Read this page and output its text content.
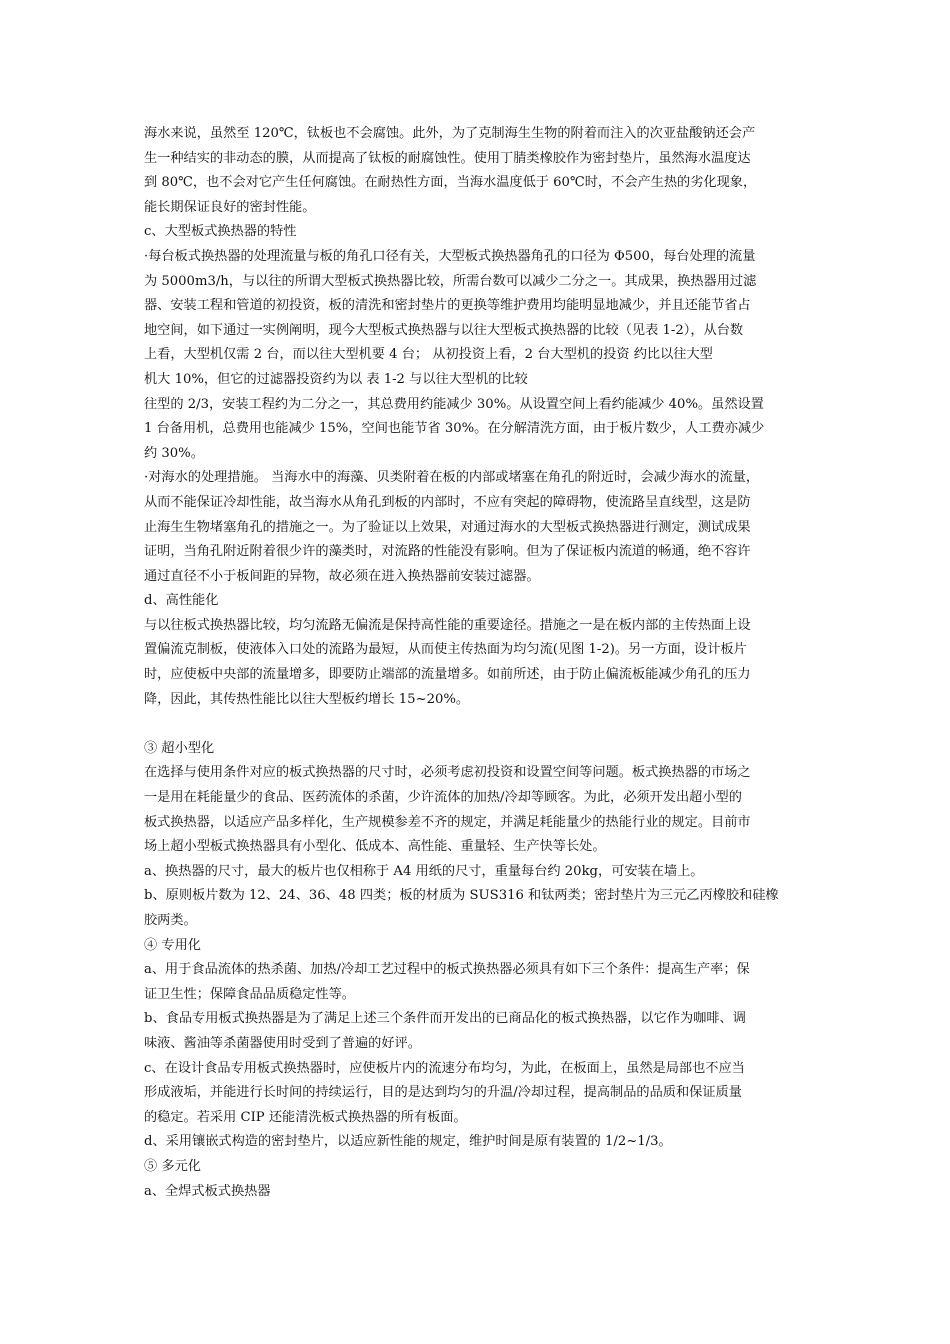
海水来说，虽然至 120℃，钛板也不会腐蚀。此外，为了克制海生生物的附着而注入的次亚盐酸钠还会产

生一种结实的非动态的膜，从而提高了钛板的耐腐蚀性。使用丁腈类橡胶作为密封垫片，虽然海水温度达

到 80℃，也不会对它产生任何腐蚀。在耐热性方面，当海水温度低于 60℃时，不会产生热的劣化现象，

能长期保证良好的密封性能。

c、大型板式换热器的特性

·每台板式换热器的处理流量与板的角孔口径有关，大型板式换热器角孔的口径为 Φ500，每台处理的流量

为 5000m3/h，与以往的所谓大型板式换热器比较，所需台数可以减少二分之一。其成果，换热器用过滤

器、安装工程和管道的初投资，板的清洗和密封垫片的更换等维护费用均能明显地减少，并且还能节省占

地空间，如下通过一实例阐明，现今大型板式换热器与以往大型板式换热器的比较（见表 1-2），从台数

上看，大型机仅需 2 台，而以往大型机要 4 台； 从初投资上看，2 台大型机的投资 约比以往大型

机大 10%，但它的过滤器投资约为以 表 1-2 与以往大型机的比较

往型的 2/3，安装工程约为二分之一，其总费用约能减少 30%。从设置空间上看约能减少 40%。虽然设置

1 台备用机，总费用也能减少 15%，空间也能节省 30%。在分解清洗方面，由于板片数少，人工费亦减少

约 30%。

·对海水的处理措施。 当海水中的海藻、贝类附着在板的内部或堵塞在角孔的附近时，会减少海水的流量，

从而不能保证冷却性能，故当海水从角孔到板的内部时，不应有突起的障碍物，使流路呈直线型，这是防

止海生生物堵塞角孔的措施之一。为了验证以上效果，对通过海水的大型板式换热器进行测定，测试成果

证明，当角孔附近附着很少许的藻类时，对流路的性能没有影响。但为了保证板内流道的畅通，绝不容许

通过直径不小于板间距的异物，故必须在进入换热器前安装过滤器。

d、高性能化

与以往板式换热器比较，均匀流路无偏流是保持高性能的重要途径。措施之一是在板内部的主传热面上设

置偏流克制板，使液体入口处的流路为最短，从而使主传热面为均匀流(见图 1-2)。另一方面，设计板片

时，应使板中央部的流量增多，即要防止端部的流量增多。如前所述，由于防止偏流板能减少角孔的压力

降，因此，其传热性能比以往大型板约增长 15~20%。

③ 超小型化

在选择与使用条件对应的板式换热器的尺寸时，必须考虑初投资和设置空间等问题。板式换热器的市场之

一是用在耗能量少的食品、医药流体的杀菌，少许流体的加热/冷却等顾客。为此，必须开发出超小型的

板式换热器，以适应产品多样化，生产规模参差不齐的规定，并满足耗能量少的热能行业的规定。目前市

场上超小型板式换热器具有小型化、低成本、高性能、重量轻、生产快等长处。

a、换热器的尺寸，最大的板片也仅相称于 A4 用纸的尺寸，重量每台约 20kg，可安装在墙上。

b、原则板片数为 12、24、36、48 四类；板的材质为 SUS316 和钛两类；密封垫片为三元乙丙橡胶和硅橡

胶两类。

④ 专用化

a、用于食品流体的热杀菌、加热/冷却工艺过程中的板式换热器必须具有如下三个条件：提高生产率；保

证卫生性；保障食品品质稳定性等。

b、食品专用板式换热器是为了满足上述三个条件而开发出的已商品化的板式换热器，以它作为咖啡、调

味液、酱油等杀菌器使用时受到了普遍的好评。

c、在设计食品专用板式换热器时，应使板片内的流速分布均匀，为此，在板面上，虽然是局部也不应当

形成液垢，并能进行长时间的持续运行，目的是达到均匀的升温/冷却过程，提高制品的品质和保证质量

的稳定。若采用 CIP 还能清洗板式换热器的所有板面。

d、采用镶嵌式构造的密封垫片，以适应新性能的规定，维护时间是原有装置的 1/2~1/3。

⑤ 多元化

a、全焊式板式换热器
